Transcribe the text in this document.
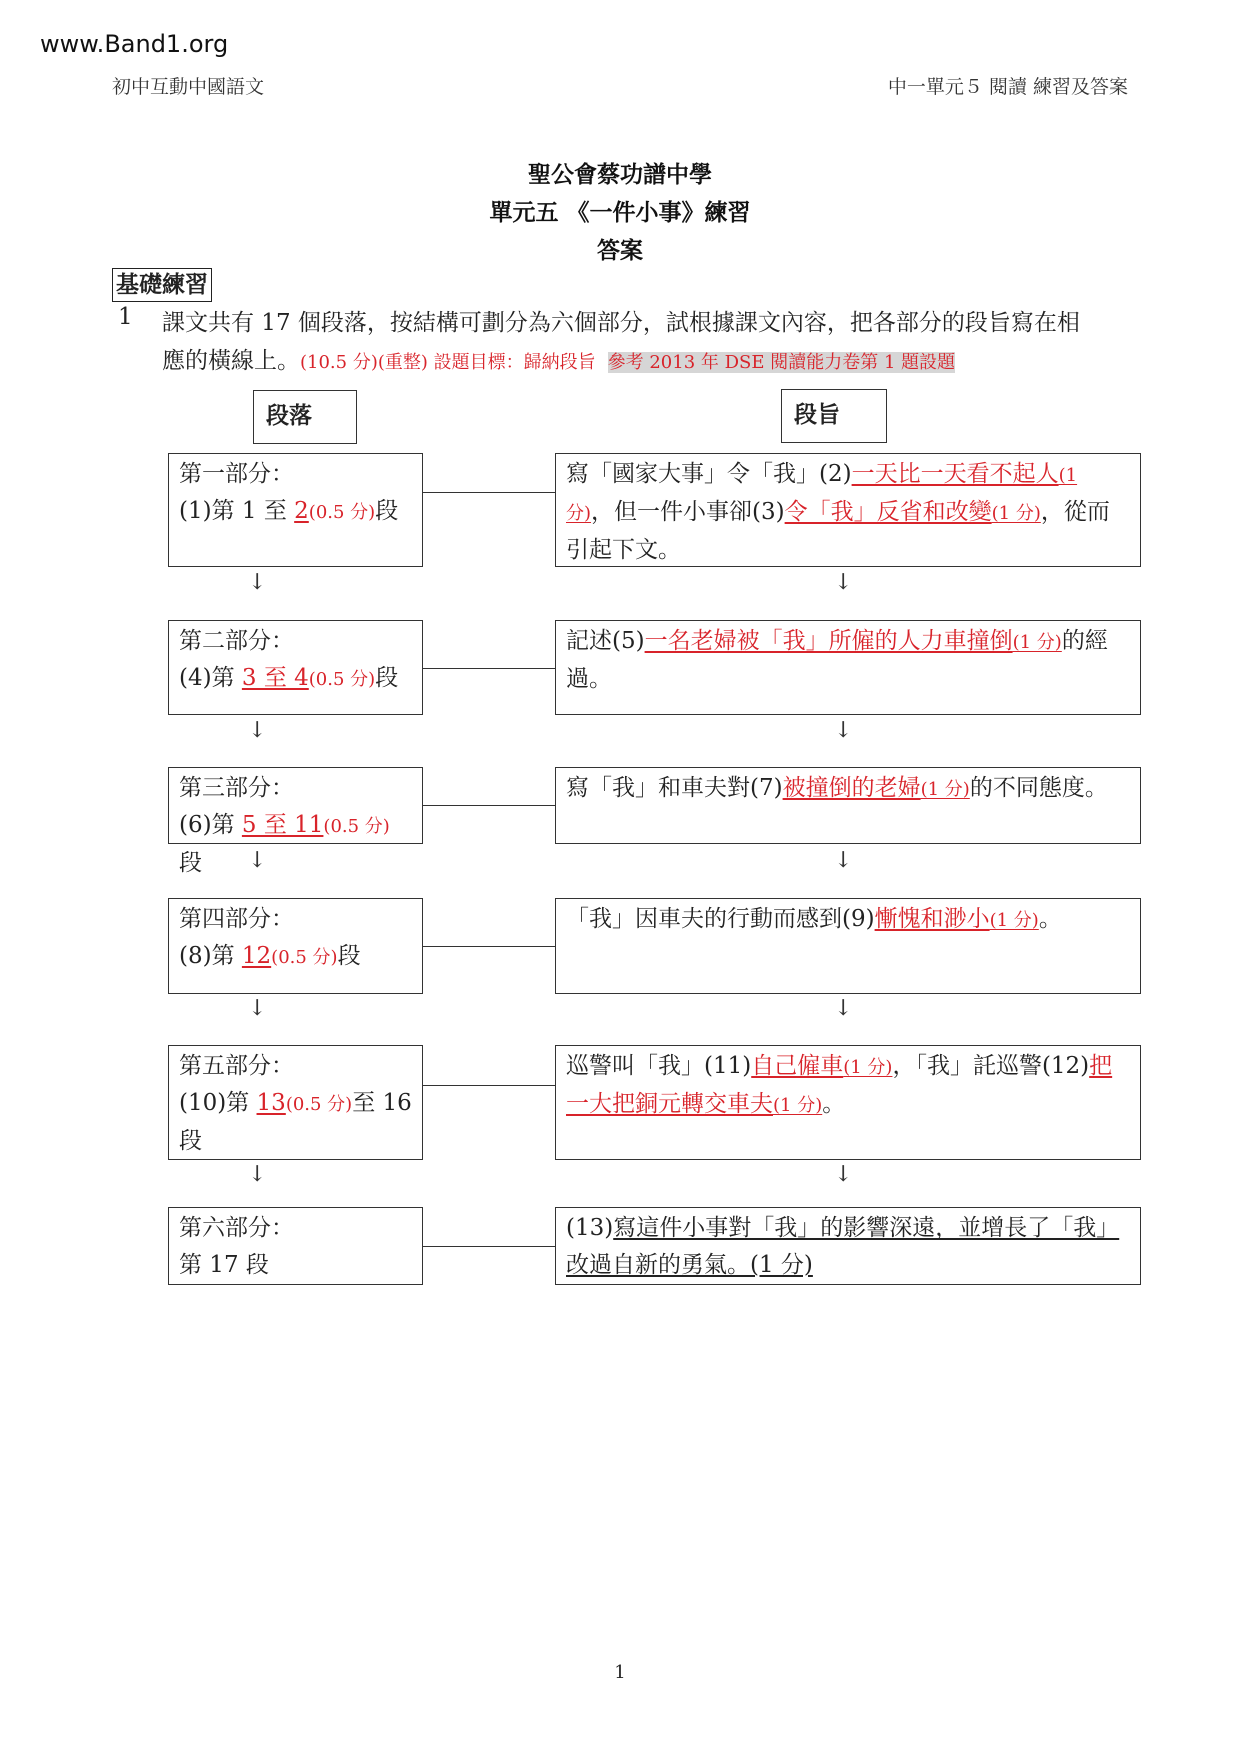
www.Band1.org
初中互動中國語文	中一單元５ 閱讀 練習及答案
聖公會蔡功譜中學
單元五 《一件小事》練習
答案
基礎練習
1 課文共有 17 個段落，按結構可劃分為六個部分，試根據課文內容，把各部分的段旨寫在相
應的橫線上。(10.5 分)(重整) 設題目標：歸納段旨 參考 2013 年 DSE 閱讀能力卷第 1 題設題
段落	段旨
第一部分：
(1)第 1 至 2(0.5 分)段
寫「國家大事」令「我」(2)一天比一天看不起人(1 分)，但一件小事卻(3)令「我」反省和改變(1 分)，從而引起下文。
↓	↓
第二部分：
(4)第 3 至 4(0.5 分)段
記述(5)一名老婦被「我」所僱的人力車撞倒(1 分)的經過。
↓	↓
第三部分：
(6)第 5 至 11(0.5 分)段
寫「我」和車夫對(7)被撞倒的老婦(1 分)的不同態度。
↓	↓
第四部分：
(8)第 12(0.5 分)段
「我」因車夫的行動而感到(9)慚愧和渺小(1 分)。
↓	↓
第五部分：
(10)第 13(0.5 分)至 16 段
巡警叫「我」(11)自己僱車(1 分)，「我」託巡警(12)把一大把銅元轉交車夫(1 分)。
↓	↓
第六部分：
第 17 段
(13)寫這件小事對「我」的影響深遠，並增長了「我」改過自新的勇氣。(1 分)
1
